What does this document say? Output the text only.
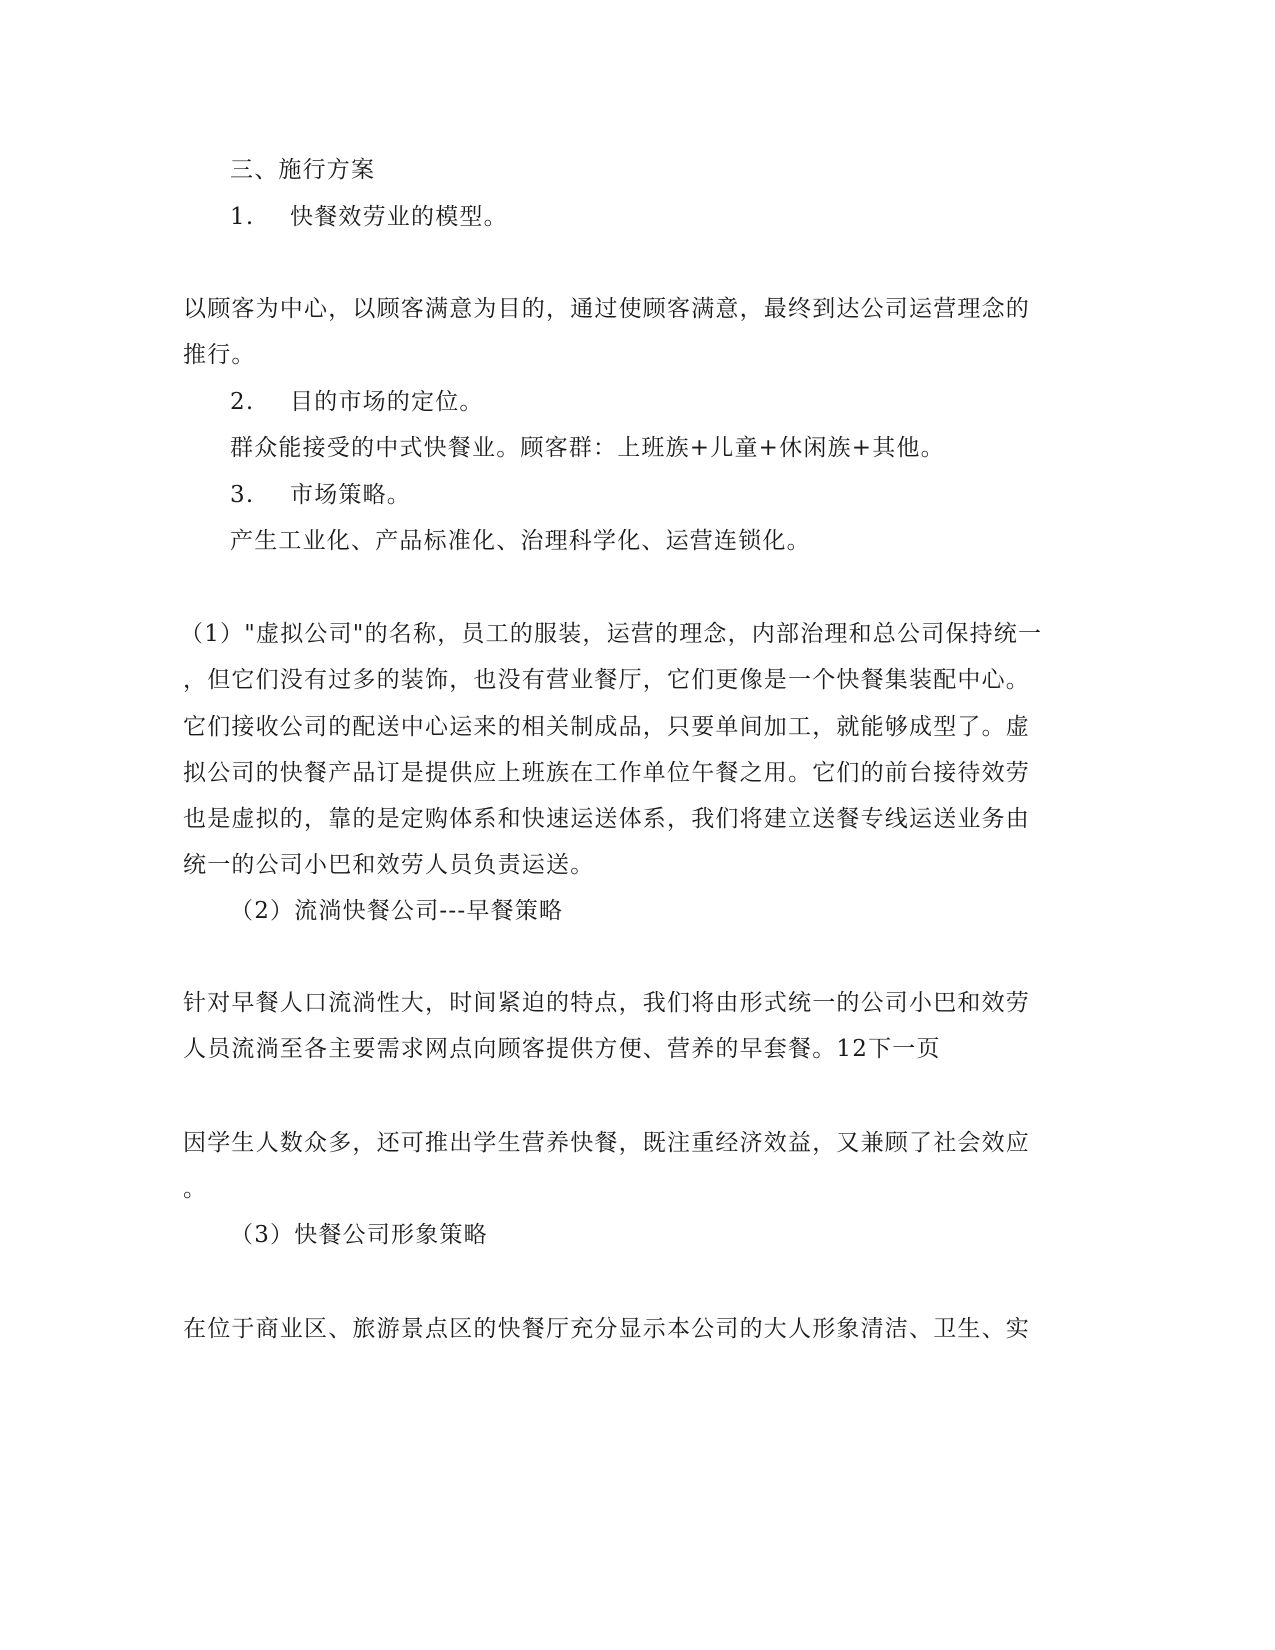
三、施行方案
1. 快餐效劳业的模型。
以顾客为中心，以顾客满意为目的，通过使顾客满意，最终到达公司运营理念的
推行。
2. 目的市场的定位。
群众能接受的中式快餐业。顾客群：上班族+儿童+休闲族+其他。
3. 市场策略。
产生工业化、产品标准化、治理科学化、运营连锁化。
（1）"虚拟公司"的名称，员工的服装，运营的理念，内部治理和总公司保持统一
，但它们没有过多的装饰，也没有营业餐厅，它们更像是一个快餐集装配中心。
它们接收公司的配送中心运来的相关制成品，只要单间加工，就能够成型了。虚
拟公司的快餐产品订是提供应上班族在工作单位午餐之用。它们的前台接待效劳
也是虚拟的，靠的是定购体系和快速运送体系，我们将建立送餐专线运送业务由
统一的公司小巴和效劳人员负责运送。
（2）流淌快餐公司---早餐策略
针对早餐人口流淌性大，时间紧迫的特点，我们将由形式统一的公司小巴和效劳
人员流淌至各主要需求网点向顾客提供方便、营养的早套餐。12下一页
因学生人数众多，还可推出学生营养快餐，既注重经济效益，又兼顾了社会效应
。
（3）快餐公司形象策略
在位于商业区、旅游景点区的快餐厅充分显示本公司的大人形象清洁、卫生、实
